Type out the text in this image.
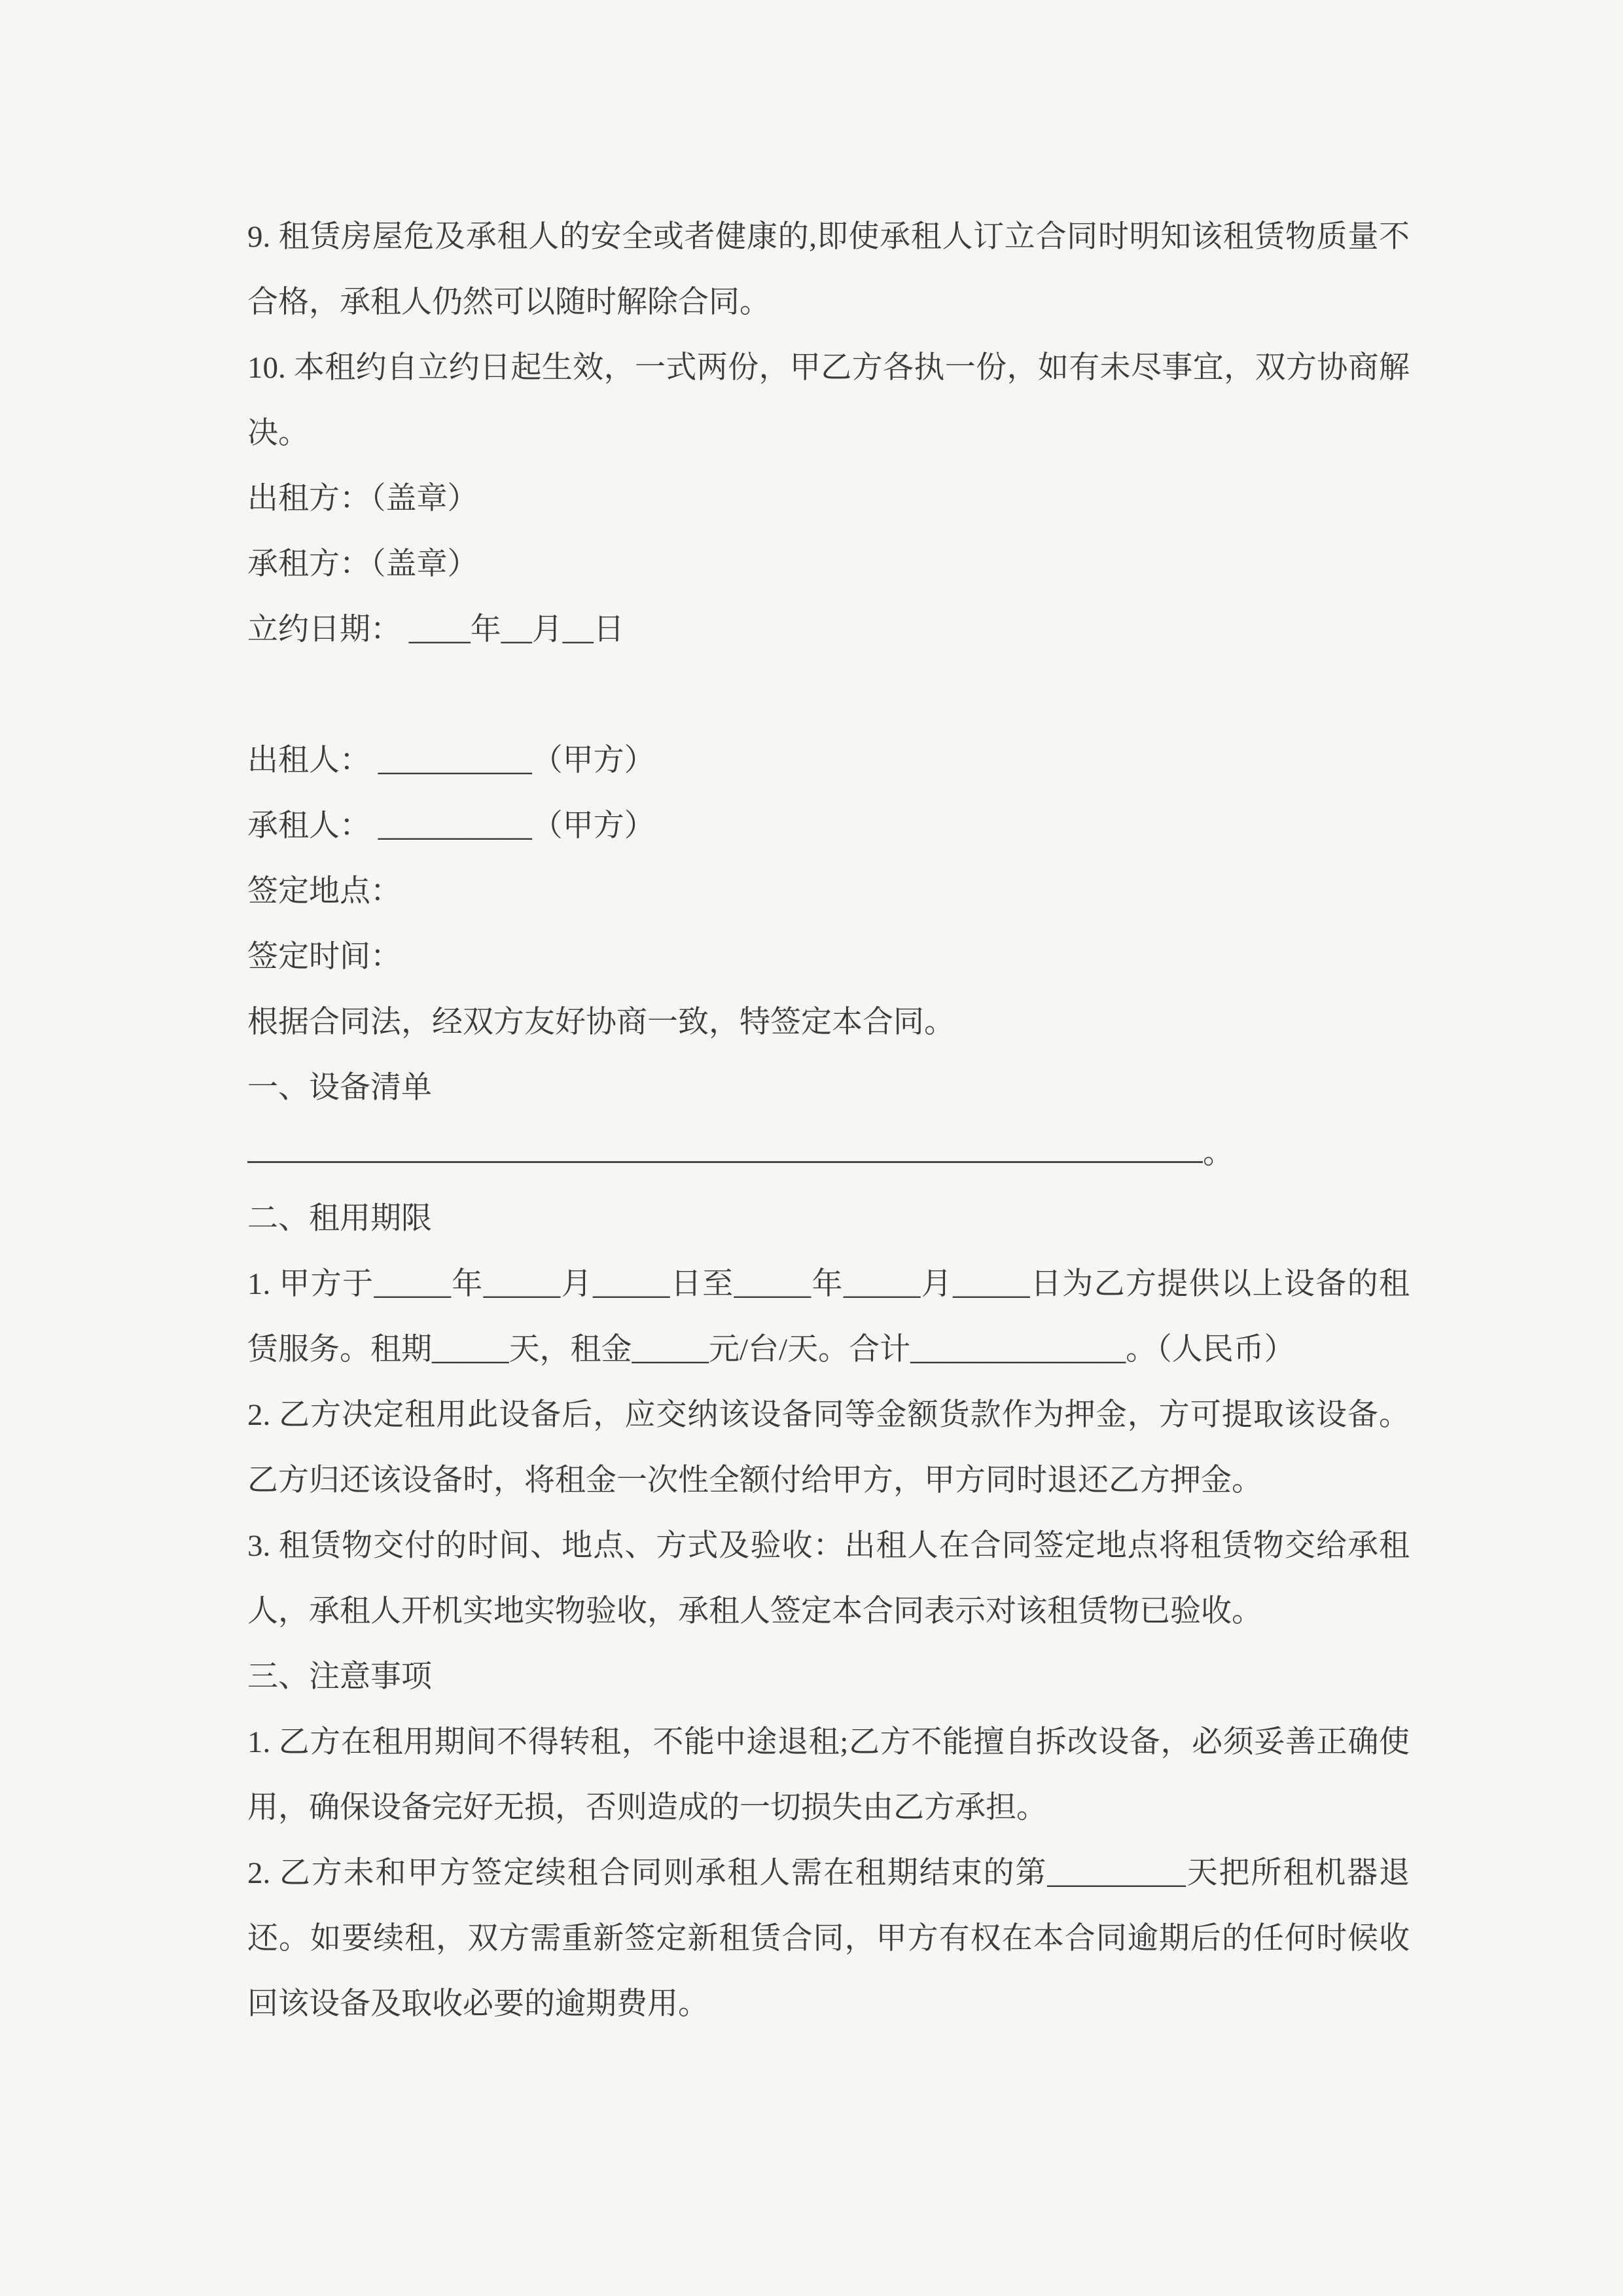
9. 租赁房屋危及承租人的安全或者健康的,即使承租人订立合同时明知该租赁物质量不合格，承租人仍然可以随时解除合同。

10. 本租约自立约日起生效，一式两份，甲乙方各执一份，如有未尽事宜，双方协商解决。

出租方：（盖章）

承租方：（盖章）

立约日期： ____年__月__日

出租人： __________（甲方）

承租人： __________（甲方）

签定地点：

签定时间：

根据合同法，经双方友好协商一致，特签定本合同。

一、设备清单

。

二、租用期限

1. 甲方于_____年_____月_____日至_____年_____月_____日为乙方提供以上设备的租赁服务。租期_____天，租金_____元/台/天。合计______________。（人民币）

2. 乙方决定租用此设备后，应交纳该设备同等金额货款作为押金，方可提取该设备。乙方归还该设备时，将租金一次性全额付给甲方，甲方同时退还乙方押金。

3. 租赁物交付的时间、地点、方式及验收：出租人在合同签定地点将租赁物交给承租人，承租人开机实地实物验收，承租人签定本合同表示对该租赁物已验收。

三、注意事项

1. 乙方在租用期间不得转租，不能中途退租;乙方不能擅自拆改设备，必须妥善正确使用，确保设备完好无损，否则造成的一切损失由乙方承担。

2. 乙方未和甲方签定续租合同则承租人需在租期结束的第_________天把所租机器退还。如要续租，双方需重新签定新租赁合同，甲方有权在本合同逾期后的任何时候收回该设备及取收必要的逾期费用。
